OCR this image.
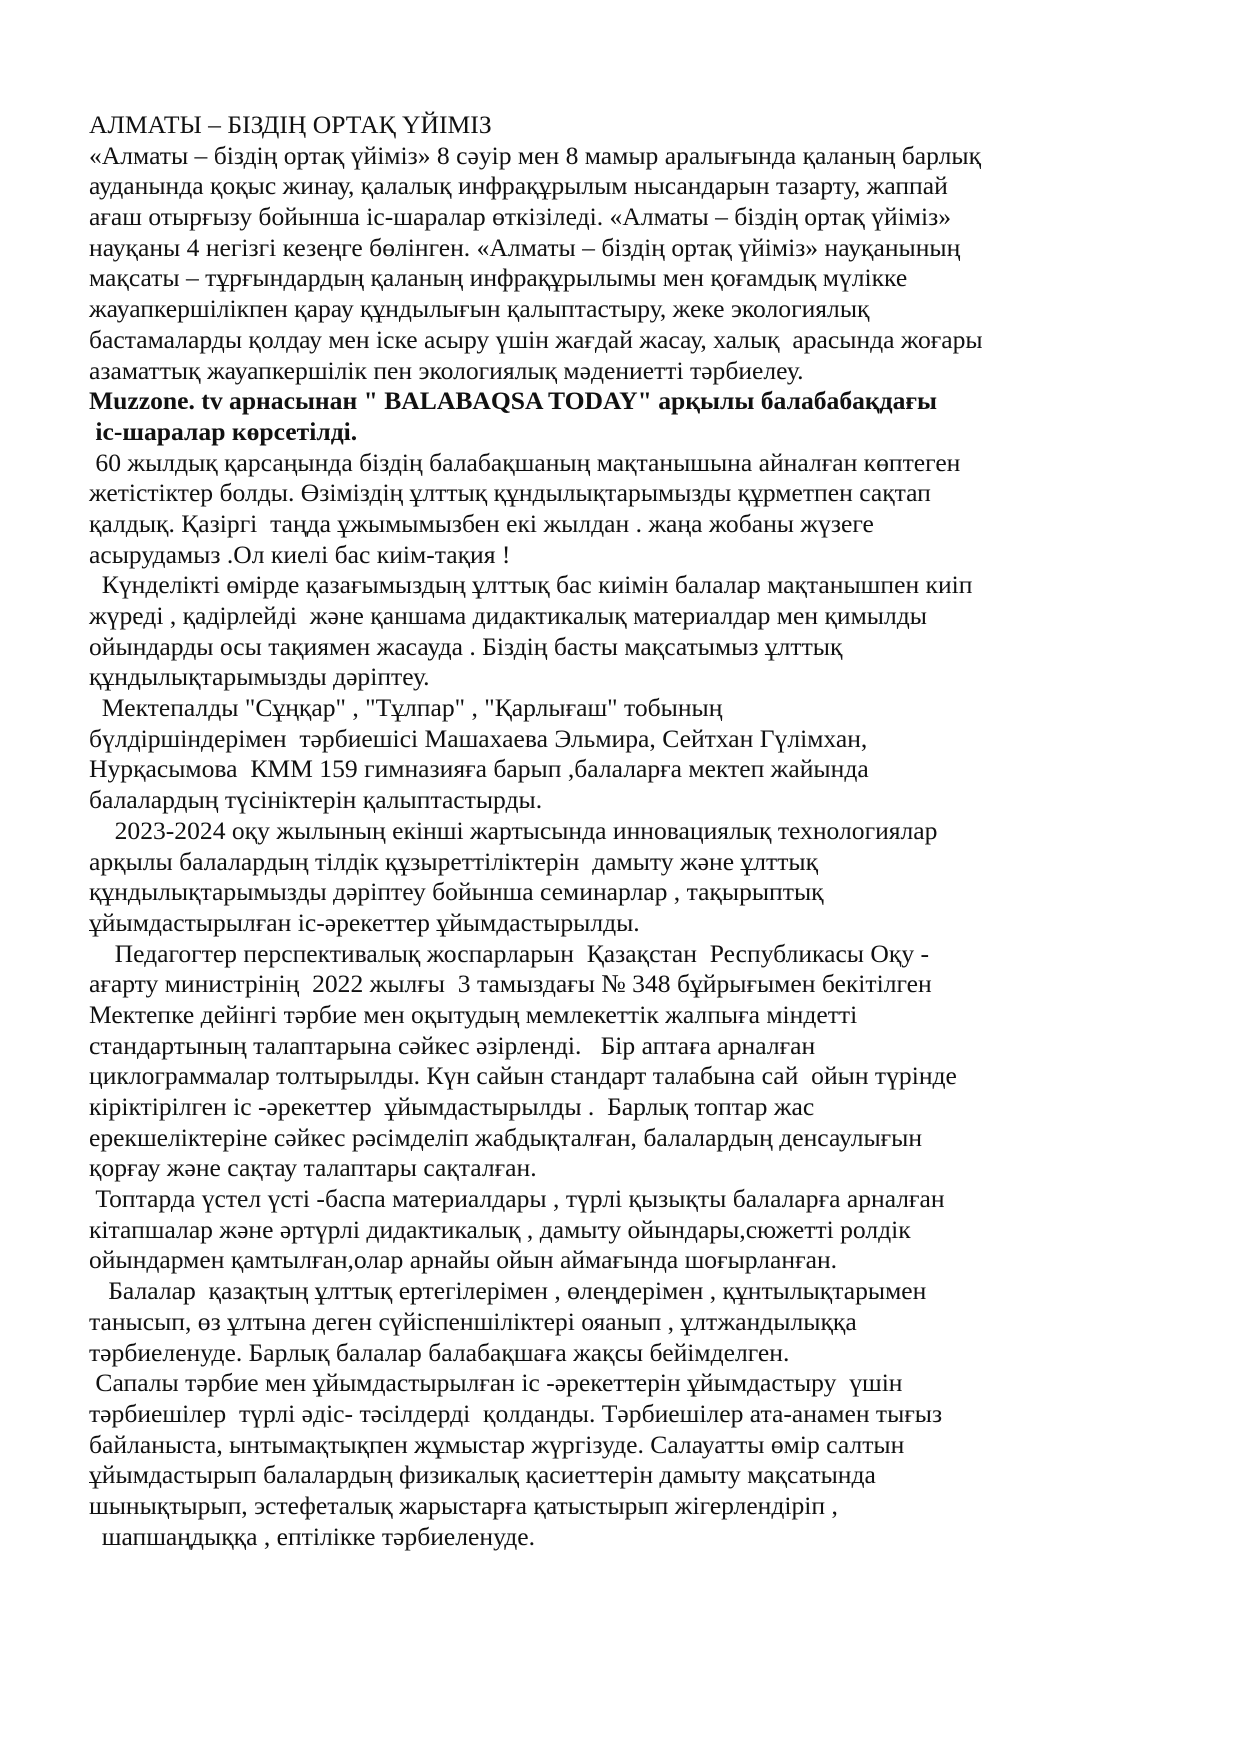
АЛМАТЫ – БІЗДІҢ ОРТАҚ ҮЙІМІЗ
«Алматы – біздің ортақ үйіміз» 8 сәуір мен 8 мамыр аралығында қаланың барлық
ауданында қоқыс жинау, қалалық инфрақұрылым нысандарын тазарту, жаппай
ағаш отырғызу бойынша іс-шаралар өткізіледі. «Алматы – біздің ортақ үйіміз»
науқаны 4 негізгі кезеңге бөлінген. «Алматы – біздің ортақ үйіміз» науқанының
мақсаты – тұрғындардың қаланың инфрақұрылымы мен қоғамдық мүлікке
жауапкершілікпен қарау құндылығын қалыптастыру, жеке экологиялық
бастамаларды қолдау мен іске асыру үшін жағдай жасау, халық  арасында жоғары
азаматтық жауапкершілік пен экологиялық мәдениетті тәрбиелеу.
Muzzone. tv арнасынан " BALABAQSA TODAY" арқылы балабабақдағы
іс-шаралар көрсетілді.
60 жылдық қарсаңында біздің балабақшаның мақтанышына айналған көптеген
жетістіктер болды. Өзіміздің ұлттық құндылықтарымызды құрметпен сақтап
қалдық. Қазіргі  таңда ұжымымызбен екі жылдан . жаңа жобаны жүзеге
асырудамыз .Ол киелі бас киім-тақия !
Күнделікті өмірде қазағымыздың ұлттық бас киімін балалар мақтанышпен киіп
жүреді , қадірлейді  және қаншама дидактикалық материалдар мен қимылды
ойындарды осы тақиямен жасауда . Біздің басты мақсатымыз ұлттық
құндылықтарымызды дәріптеу.
Мектепалды "Сұңқар" , "Тұлпар" , "Қарлығаш" тобының
бүлдіршіндерімен  тәрбиешісі Машахаева Эльмира, Сейтхан Гүлімхан,
Нурқасымова  КММ 159 гимназияға барып ,балаларға мектеп жайында
балалардың түсініктерін қалыптастырды.
2023-2024 оқу жылының екінші жартысында инновациялық технологиялар
арқылы балалардың тілдік құзыреттіліктерін  дамыту және ұлттық
құндылықтарымызды дәріптеу бойынша семинарлар , тақырыптық
ұйымдастырылған іс-әрекеттер ұйымдастырылды.
Педагогтер перспективалық жоспарларын  Қазақстан  Республикасы Оқу -
ағарту министрінің  2022 жылғы  3 тамыздағы № 348 бұйрығымен бекітілген
Мектепке дейінгі тәрбие мен оқытудың мемлекеттік жалпыға міндетті
стандартының талаптарына сәйкес әзірленді.   Бір аптаға арналған
циклограммалар толтырылды. Күн сайын стандарт талабына сай  ойын түрінде
кіріктірілген іс -әрекеттер  ұйымдастырылды .  Барлық топтар жас
ерекшеліктеріне сәйкес рәсімделіп жабдықталған, балалардың денсаулығын
қорғау және сақтау талаптары сақталған.
Топтарда үстел үсті -баспа материалдары , түрлі қызықты балаларға арналған
кітапшалар және әртүрлі дидактикалық , дамыту ойындары,сюжетті ролдік
ойындармен қамтылған,олар арнайы ойын аймағында шоғырланған.
Балалар  қазақтың ұлттық ертегілерімен , өлеңдерімен , құнтылықтарымен
танысып, өз ұлтына деген сүйіспеншіліктері ояанып , ұлтжандылыққа
тәрбиеленуде. Барлық балалар балабақшаға жақсы бейімделген.
Сапалы тәрбие мен ұйымдастырылған іс -әрекеттерін ұйымдастыру  үшін
тәрбиешілер  түрлі әдіс- тәсілдерді  қолданды. Тәрбиешілер ата-анамен тығыз
байланыста, ынтымақтықпен жұмыстар жүргізуде. Салауатты өмір салтын
ұйымдастырып балалардың физикалық қасиеттерін дамыту мақсатында
шынықтырып, эстефеталық жарыстарға қатыстырып жігерлендіріп ,
шапшаңдыққа , ептілікке тәрбиеленуде.
